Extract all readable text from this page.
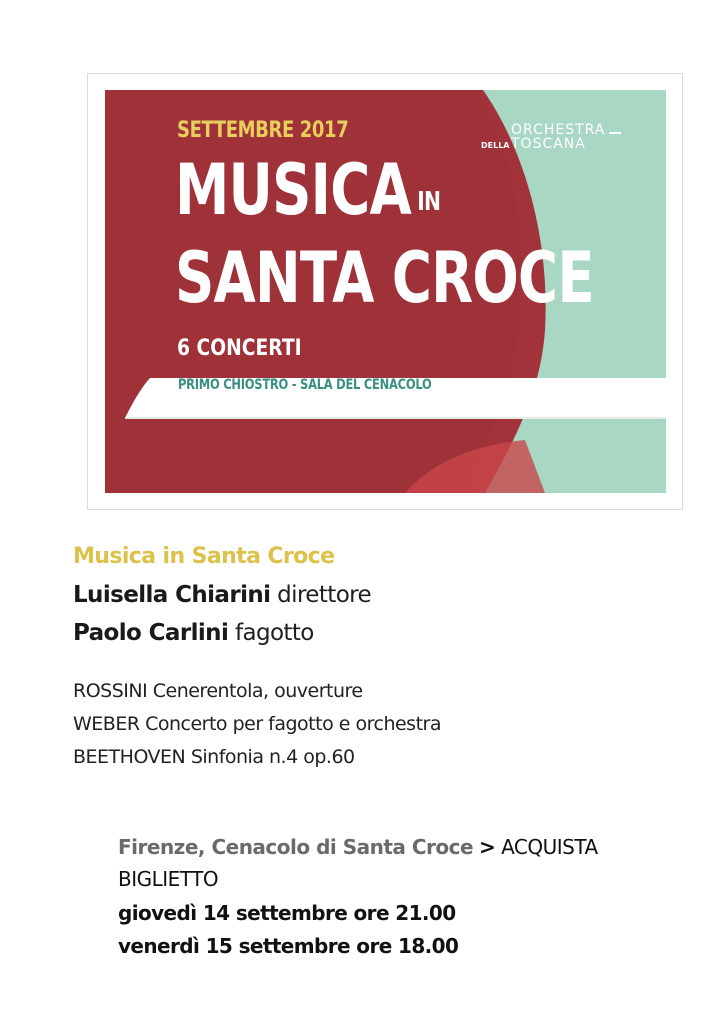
SETTEMBRE 2017
MUSICA IN
SANTA CROCE
6 CONCERTI
PRIMO CHIOSTRO - SALA DEL CENACOLO
ORCHESTRA
DELLA TOSCANA
Musica in Santa Croce

Luisella Chiarini direttore

Paolo Carlini fagotto

ROSSINI Cenerentola, ouverture

WEBER Concerto per fagotto e orchestra

BEETHOVEN Sinfonia n.4 op.60

Firenze, Cenacolo di Santa Croce > ACQUISTA BIGLIETTO

giovedì 14 settembre ore 21.00

venerdì 15 settembre ore 18.00
